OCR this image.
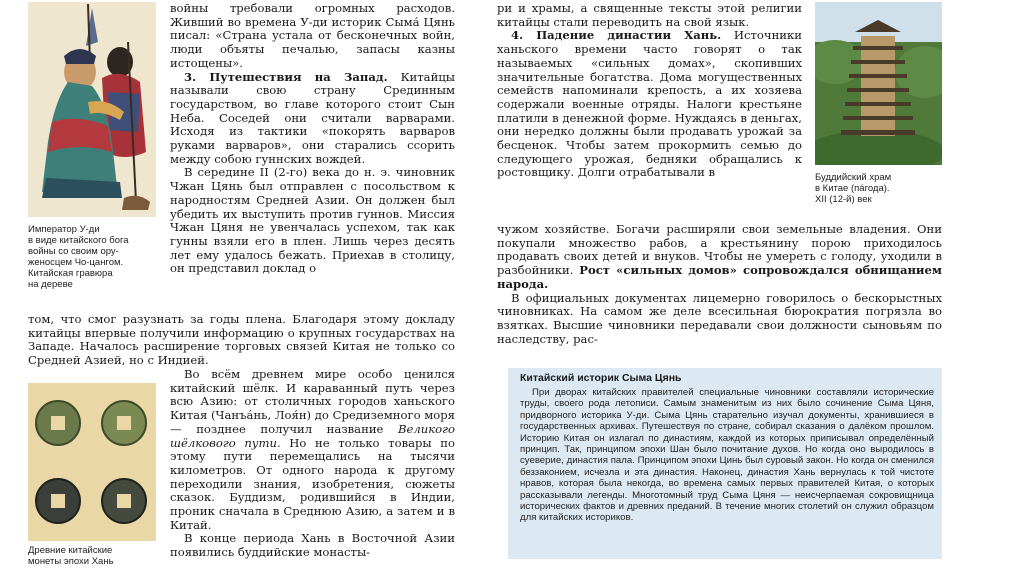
Император У-ди

в виде китайского бога

войны со своим ору-

женосцем Чо-цангом.

Китайская гравюра

на дереве

войны требовали огромных расходов. Живший во времена У-ди историк Сыма́ Цянь писал: «Страна устала от бесконечных войн, люди объяты печалью, запасы казны истощены».

3. Путешествия на Запад. Китайцы называли свою страну Срединным государством, во главе которого стоит Сын Неба. Соседей они считали варварами. Исходя из тактики «покорять варваров руками варваров», они старались ссорить между собою гуннских вождей.

В середине II (2-го) века до н. э. чиновник Чжан Цянь был отправлен с посольством к народностям Средней Азии. Он должен был убедить их выступить против гуннов. Миссия Чжан Цяня не увенчалась успехом, так как гунны взяли его в плен. Лишь через десять лет ему удалось бежать. Приехав в столицу, он представил доклад о

том, что смог разузнать за годы плена. Благодаря этому докладу китайцы впервые получили информацию о крупных государствах на Западе. Началось расширение торговых связей Китая не только со Средней Азией, но с Индией.

Древние китайские

монеты эпохи Хань

Во всём древнем мире особо ценился китайский шёлк. И караванный путь через всю Азию: от столичных городов ханьского Китая (Чанъа́нь, Лоя́н) до Средиземного моря — позднее получил название Великого шёлкового пути. Но не только товары по этому пути перемещались на тысячи километров. От одного народа к другому переходили знания, изобретения, сюжеты сказок. Буддизм, родившийся в Индии, проник сначала в Среднюю Азию, а затем и в Китай.

В конце периода Хань в Восточной Азии появились буддийские монасты-

ри и храмы, а священные тексты этой религии китайцы стали переводить на свой язык.

4. Падение династии Хань. Источники ханьского времени часто говорят о так называемых «сильных домах», скопивших значительные богатства. Дома могущественных семейств напоминали крепость, а их хозяева содержали военные отряды. Налоги крестьяне платили в денежной форме. Нуждаясь в деньгах, они нередко должны были продавать урожай за бесценок. Чтобы затем прокормить семью до следующего урожая, бедняки обращались к ростовщику. Долги отрабатывали в	Буддийский храм

в Китае (пáгода).

XII (12-й) век

чужом хозяйстве. Богачи расширяли свои земельные владения. Они покупали множество рабов, а крестьянину порою приходилось продавать своих детей и внуков. Чтобы не умереть с голоду, уходили в разбойники. Рост «сильных домов» сопровождался обнищанием народа.

В официальных документах лицемерно говорилось о бескорыстных чиновниках. На самом же деле всесильная бюрократия погрязла во взятках. Высшие чиновники передавали свои должности сыновьям по наследству, рас-

Китайский историк Сыма Цянь

При дворах китайских правителей специальные чиновники составляли исторические труды, своего рода летописи. Самым знаменитым из них было сочинение Сыма Цяня, придворного историка У-ди. Сыма Цянь старательно изучал документы, хранившиеся в государственных архивах. Путешествуя по стране, собирал сказания о далёком прошлом. Историю Китая он излагал по династиям, каждой из которых приписывал определённый принцип. Так, принципом эпохи Шан было почитание духов. Но когда оно выродилось в суеверие, династия пала. Принципом эпохи Цинь был суровый закон. Но когда он сменился беззаконием, исчезла и эта династия. Наконец, династия Хань вернулась к той чистоте нравов, которая была некогда, во времена самых первых правителей Китая, о которых рассказывали легенды. Многотомный труд Сыма Цяня — неисчерпаемая сокровищница исторических фактов и древних преданий. В течение многих столетий он служил образцом для китайских историков.
